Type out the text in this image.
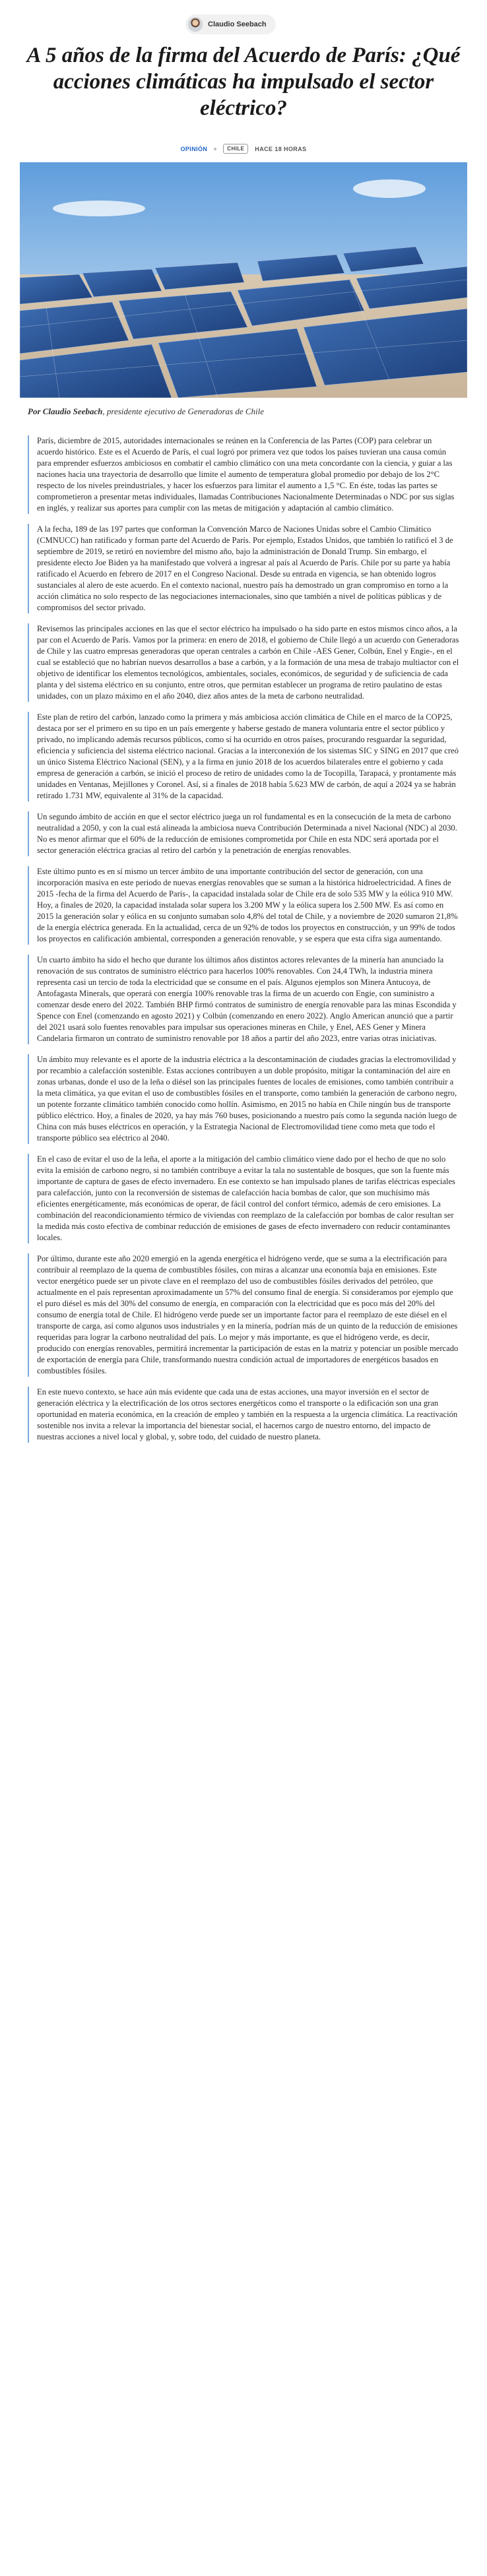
Claudio Seebach
A 5 años de la firma del Acuerdo de París: ¿Qué acciones climáticas ha impulsado el sector eléctrico?
OPINIÓN	CHILE	HACE 18 HORAS

Por Claudio Seebach, presidente ejecutivo de Generadoras de Chile

París, diciembre de 2015, autoridades internacionales se reúnen en la Conferencia de las Partes (COP) para celebrar un acuerdo histórico. Este es el Acuerdo de París, el cual logró por primera vez que todos los países tuvieran una causa común para emprender esfuerzos ambiciosos en combatir el cambio climático con una meta concordante con la ciencia, y guiar a las naciones hacia una trayectoria de desarrollo que limite el aumento de temperatura global promedio por debajo de los 2°C respecto de los niveles preindustriales, y hacer los esfuerzos para limitar el aumento a 1,5 °C. En éste, todas las partes se comprometieron a presentar metas individuales, llamadas Contribuciones Nacionalmente Determinadas o NDC por sus siglas en inglés, y realizar sus aportes para cumplir con las metas de mitigación y adaptación al cambio climático.

A la fecha, 189 de las 197 partes que conforman la Convención Marco de Naciones Unidas sobre el Cambio Climático (CMNUCC) han ratificado y forman parte del Acuerdo de París. Por ejemplo, Estados Unidos, que también lo ratificó el 3 de septiembre de 2019, se retiró en noviembre del mismo año, bajo la administración de Donald Trump. Sin embargo, el presidente electo Joe Biden ya ha manifestado que volverá a ingresar al país al Acuerdo de París. Chile por su parte ya había ratificado el Acuerdo en febrero de 2017 en el Congreso Nacional. Desde su entrada en vigencia, se han obtenido logros sustanciales al alero de este acuerdo. En el contexto nacional, nuestro país ha demostrado un gran compromiso en torno a la acción climática no solo respecto de las negociaciones internacionales, sino que también a nivel de políticas públicas y de compromisos del sector privado.

Revisemos las principales acciones en las que el sector eléctrico ha impulsado o ha sido parte en estos mismos cinco años, a la par con el Acuerdo de París. Vamos por la primera: en enero de 2018, el gobierno de Chile llegó a un acuerdo con Generadoras de Chile y las cuatro empresas generadoras que operan centrales a carbón en Chile -AES Gener, Colbún, Enel y Engie-, en el cual se estableció que no habrían nuevos desarrollos a base a carbón, y a la formación de una mesa de trabajo multiactor con el objetivo de identificar los elementos tecnológicos, ambientales, sociales, económicos, de seguridad y de suficiencia de cada planta y del sistema eléctrico en su conjunto, entre otros, que permitan establecer un programa de retiro paulatino de estas unidades, con un plazo máximo en el año 2040, diez años antes de la meta de carbono neutralidad.

Este plan de retiro del carbón, lanzado como la primera y más ambiciosa acción climática de Chile en el marco de la COP25, destaca por ser el primero en su tipo en un país emergente y haberse gestado de manera voluntaria entre el sector público y privado, no implicando además recursos públicos, como sí ha ocurrido en otros países, procurando resguardar la seguridad, eficiencia y suficiencia del sistema eléctrico nacional. Gracias a la interconexión de los sistemas SIC y SING en 2017 que creó un único Sistema Eléctrico Nacional (SEN), y a la firma en junio 2018 de los acuerdos bilaterales entre el gobierno y cada empresa de generación a carbón, se inició el proceso de retiro de unidades como la de Tocopilla, Tarapacá, y prontamente más unidades en Ventanas, Mejillones y Coronel. Así, si a finales de 2018 había 5.623 MW de carbón, de aquí a 2024 ya se habrán retirado 1.731 MW, equivalente al 31% de la capacidad.

Un segundo ámbito de acción en que el sector eléctrico juega un rol fundamental es en la consecución de la meta de carbono neutralidad a 2050, y con la cual está alineada la ambiciosa nueva Contribución Determinada a nivel Nacional (NDC) al 2030. No es menor afirmar que el 60% de la reducción de emisiones comprometida por Chile en esta NDC será aportada por el sector generación eléctrica gracias al retiro del carbón y la penetración de energías renovables.

Este último punto es en sí mismo un tercer ámbito de una importante contribución del sector de generación, con una incorporación masiva en este periodo de nuevas energías renovables que se suman a la histórica hidroelectricidad. A fines de 2015 -fecha de la firma del Acuerdo de París-, la capacidad instalada solar de Chile era de solo 535 MW y la eólica 910 MW. Hoy, a finales de 2020, la capacidad instalada solar supera los 3.200 MW y la eólica supera los 2.500 MW. Es así como en 2015 la generación solar y eólica en su conjunto sumaban solo 4,8% del total de Chile, y a noviembre de 2020 sumaron 21,8% de la energía eléctrica generada. En la actualidad, cerca de un 92% de todos los proyectos en construcción, y un 99% de todos los proyectos en calificación ambiental, corresponden a generación renovable, y se espera que esta cifra siga aumentando.

Un cuarto ámbito ha sido el hecho que durante los últimos años distintos actores relevantes de la minería han anunciado la renovación de sus contratos de suministro eléctrico para hacerlos 100% renovables. Con 24,4 TWh, la industria minera representa casi un tercio de toda la electricidad que se consume en el país. Algunos ejemplos son Minera Antucoya, de Antofagasta Minerals, que operará con energía 100% renovable tras la firma de un acuerdo con Engie, con suministro a comenzar desde enero del 2022. También BHP firmó contratos de suministro de energía renovable para las minas Escondida y Spence con Enel (comenzando en agosto 2021) y Colbún (comenzando en enero 2022). Anglo American anunció que a partir del 2021 usará solo fuentes renovables para impulsar sus operaciones mineras en Chile, y Enel, AES Gener y Minera Candelaria firmaron un contrato de suministro renovable por 18 años a partir del año 2023, entre varias otras iniciativas.

Un ámbito muy relevante es el aporte de la industria eléctrica a la descontaminación de ciudades gracias la electromovilidad y por recambio a calefacción sostenible. Estas acciones contribuyen a un doble propósito, mitigar la contaminación del aire en zonas urbanas, donde el uso de la leña o diésel son las principales fuentes de locales de emisiones, como también contribuir a la meta climática, ya que evitan el uso de combustibles fósiles en el transporte, como también la generación de carbono negro, un potente forzante climático también conocido como hollín. Asimismo, en 2015 no había en Chile ningún bus de transporte público eléctrico. Hoy, a finales de 2020, ya hay más 760 buses, posicionando a nuestro país como la segunda nación luego de China con más buses eléctricos en operación, y la Estrategia Nacional de Electromovilidad tiene como meta que todo el transporte público sea eléctrico al 2040.

En el caso de evitar el uso de la leña, el aporte a la mitigación del cambio climático viene dado por el hecho de que no solo evita la emisión de carbono negro, si no también contribuye a evitar la tala no sustentable de bosques, que son la fuente más importante de captura de gases de efecto invernadero. En ese contexto se han impulsado planes de tarifas eléctricas especiales para calefacción, junto con la reconversión de sistemas de calefacción hacia bombas de calor, que son muchísimo más eficientes energéticamente, más económicas de operar, de fácil control del confort térmico, además de cero emisiones. La combinación del reacondicionamiento térmico de viviendas con reemplazo de la calefacción por bombas de calor resultan ser la medida más costo efectiva de combinar reducción de emisiones de gases de efecto invernadero con reducir contaminantes locales.

Por último, durante este año 2020 emergió en la agenda energética el hidrógeno verde, que se suma a la electrificación para contribuir al reemplazo de la quema de combustibles fósiles, con miras a alcanzar una economía baja en emisiones. Este vector energético puede ser un pivote clave en el reemplazo del uso de combustibles fósiles derivados del petróleo, que actualmente en el país representan aproximadamente un 57% del consumo final de energía. Si consideramos por ejemplo que el puro diésel es más del 30% del consumo de energía, en comparación con la electricidad que es poco más del 20% del consumo de energía total de Chile. El hidrógeno verde puede ser un importante factor para el reemplazo de este diésel en el transporte de carga, así como algunos usos industriales y en la minería, podrían más de un quinto de la reducción de emisiones requeridas para lograr la carbono neutralidad del país. Lo mejor y más importante, es que el hidrógeno verde, es decir, producido con energías renovables, permitirá incrementar la participación de estas en la matriz y potenciar un posible mercado de exportación de energía para Chile, transformando nuestra condición actual de importadores de energéticos basados en combustibles fósiles.

En este nuevo contexto, se hace aún más evidente que cada una de estas acciones, una mayor inversión en el sector de generación eléctrica y la electrificación de los otros sectores energéticos como el transporte o la edificación son una gran oportunidad en materia económica, en la creación de empleo y también en la respuesta a la urgencia climática. La reactivación sostenible nos invita a relevar la importancia del bienestar social, el hacernos cargo de nuestro entorno, del impacto de nuestras acciones a nivel local y global, y, sobre todo, del cuidado de nuestro planeta.
